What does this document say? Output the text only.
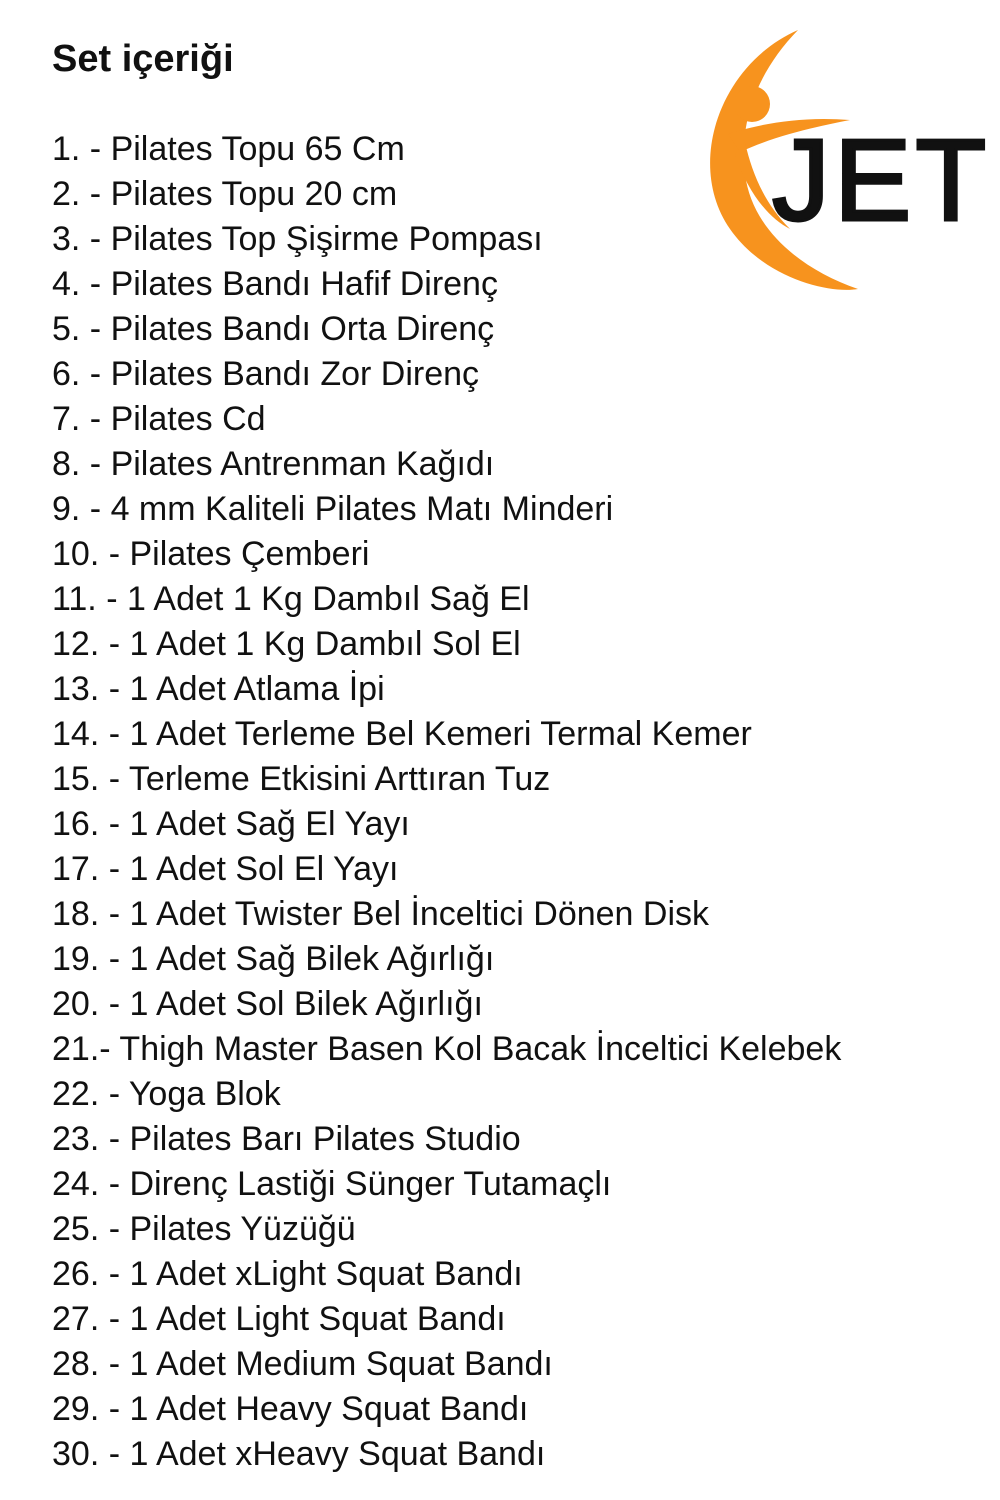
Set içeriği
JET
1. - Pilates Topu 65 Cm
2. - Pilates Topu 20 cm
3. - Pilates Top Şişirme Pompası
4. - Pilates Bandı Hafif Direnç
5. - Pilates Bandı Orta Direnç
6. - Pilates Bandı Zor Direnç
7. - Pilates Cd
8. - Pilates Antrenman Kağıdı
9. - 4 mm Kaliteli Pilates Matı Minderi
10. - Pilates Çemberi
11. - 1 Adet 1 Kg Dambıl Sağ El
12. - 1 Adet 1 Kg Dambıl Sol El
13. - 1 Adet Atlama İpi
14. - 1 Adet Terleme Bel Kemeri Termal Kemer
15. - Terleme Etkisini Arttıran Tuz
16. - 1 Adet Sağ El Yayı
17. - 1 Adet Sol El Yayı
18. - 1 Adet Twister Bel İnceltici Dönen Disk
19. - 1 Adet Sağ Bilek Ağırlığı
20. - 1 Adet Sol Bilek Ağırlığı
21.- Thigh Master Basen Kol Bacak İnceltici Kelebek
22. - Yoga Blok
23. - Pilates Barı Pilates Studio
24. - Direnç Lastiği Sünger Tutamaçlı
25. - Pilates Yüzüğü
26. - 1 Adet xLight Squat Bandı
27. - 1 Adet Light Squat Bandı
28. - 1 Adet Medium Squat Bandı
29. - 1 Adet Heavy Squat Bandı
30. - 1 Adet xHeavy Squat Bandı
